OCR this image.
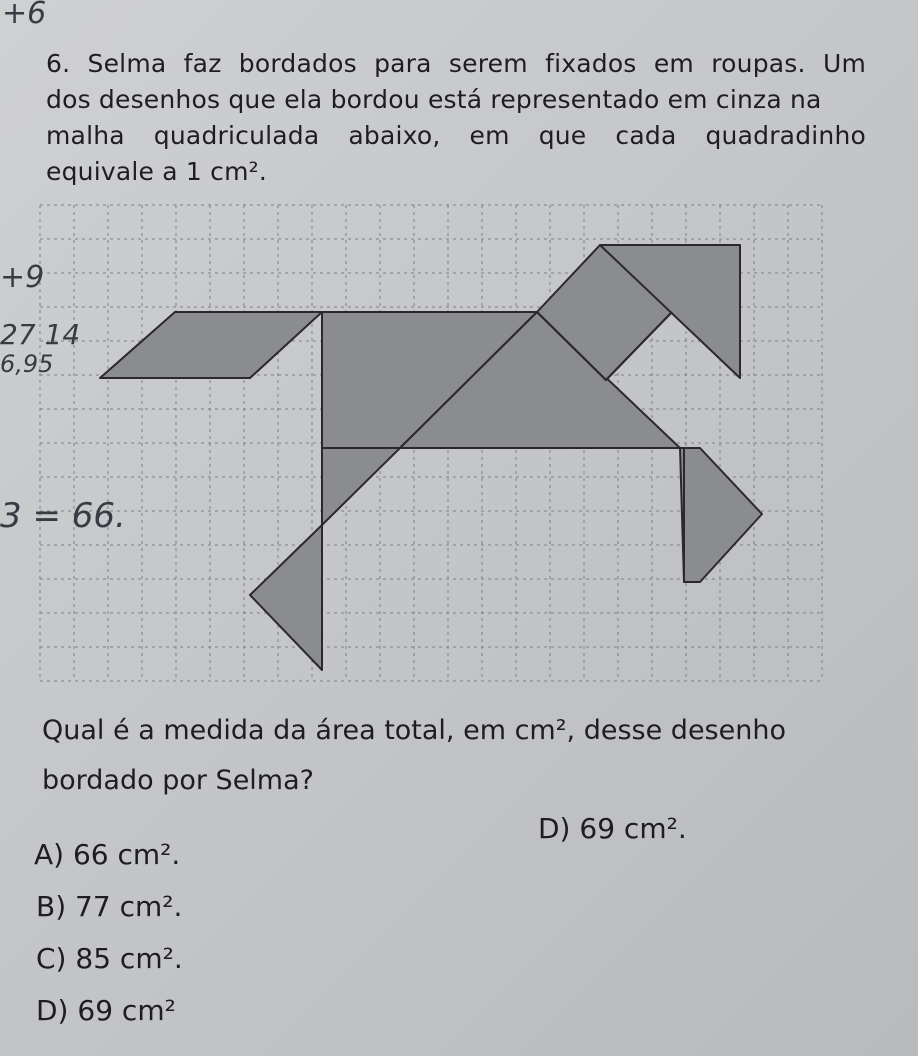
6. Selma faz bordados para serem fixados em roupas. Um
dos desenhos que ela bordou está representado em cinza na
malha quadriculada abaixo, em que cada quadradinho
equivale a 1 cm².
+6
+9
27 14
6,95
3 = 66.
Qual é a medida da área total, em cm², desse desenho
bordado por Selma?
A) 66 cm².
B) 77 cm².
C) 85 cm².
D) 69 cm²
D) 69 cm².
